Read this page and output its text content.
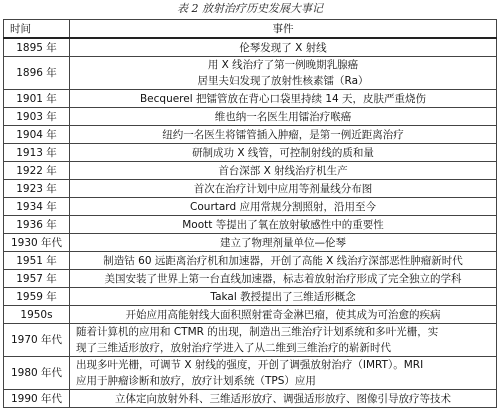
表 2 放射治疗历史发展大事记
时间	事件
1895 年	伦琴发现了 X 射线

1896 年	用 X 线治疗了第一例晚期乳腺癌
居里夫妇发现了放射性核素镭（Ra）

1901 年	Becquerel 把镭管放在背心口袋里持续 14 天，皮肤严重烧伤

1903 年	维也纳一名医生用镭治疗喉癌

1904 年	纽约一名医生将镭管插入肿瘤，是第一例近距离治疗

1913 年	研制成功 X 线管，可控制射线的质和量

1922 年	首台深部 X 射线治疗机生产

1923 年	首次在治疗计划中应用等剂量线分布图

1934 年	Courtard 应用常规分割照射，沿用至今

1936 年	Moott 等提出了氧在放射敏感性中的重要性

1930 年代	建立了物理剂量单位—伦琴

1951 年	制造钴 60 远距离治疗机和加速器，开创了高能 X 线治疗深部恶性肿瘤新时代

1957 年	美国安装了世界上第一台直线加速器，标志着放射治疗形成了完全独立的学科

1959 年	Takal 教授提出了三维适形概念

1950s	开始应用高能射线大面积照射霍奇金淋巴瘤，使其成为可治愈的疾病

1970 年代	随着计算机的应用和 CTMR 的出现，制造出三维治疗计划系统和多叶光栅，实
现了三维适形放疗，放射治疗学进入了从二维到三维治疗的崭新时代

1980 年代	出现多叶光栅，可调节 X 射线的强度，开创了调强放射治疗（IMRT）。MRI
应用于肿瘤诊断和放疗，放疗计划系统（TPS）应用

1990 年代	立体定向放射外科、三维适形放疗、调强适形放疗、图像引导放疗等技术
